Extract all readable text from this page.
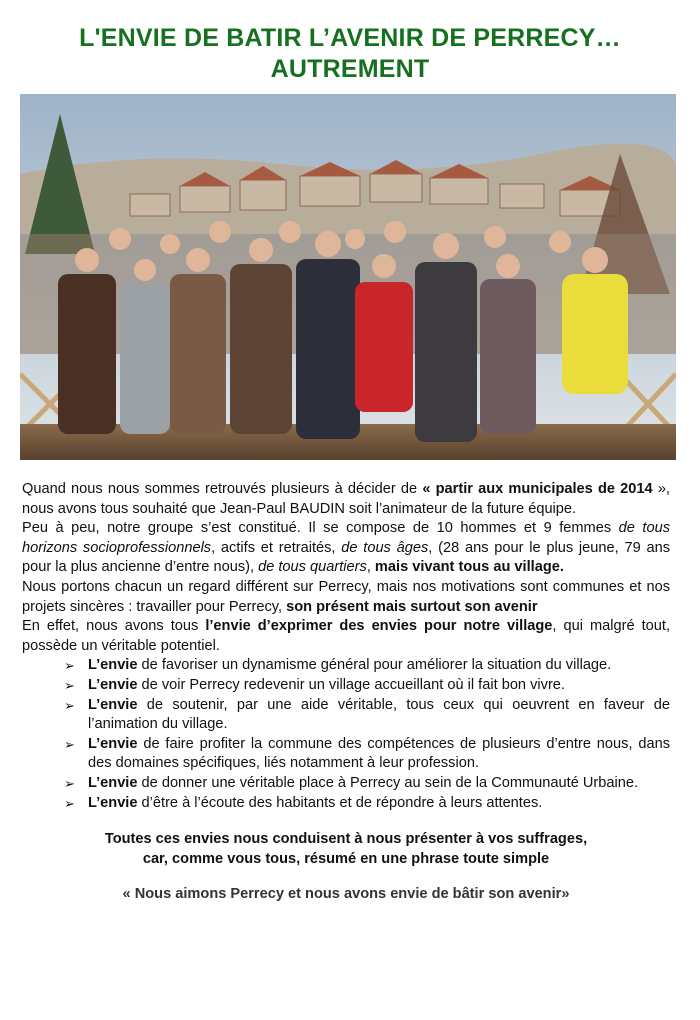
L'ENVIE DE BATIR L’AVENIR DE PERRECY…
AUTREMENT

Quand nous nous sommes retrouvés plusieurs à décider de « partir aux municipales de 2014 », nous avons tous souhaité que Jean-Paul BAUDIN soit l’animateur de la future équipe.

Peu à peu, notre groupe s’est constitué. Il se compose de 10 hommes et 9 femmes de tous horizons socioprofessionnels, actifs et retraités, de tous âges, (28 ans pour le plus jeune, 79 ans pour la plus ancienne d’entre nous), de tous quartiers, mais vivant tous au village.

Nous portons chacun un regard différent sur Perrecy, mais nos motivations sont communes et nos projets sincères : travailler pour Perrecy, son présent mais surtout son avenir

En effet, nous avons tous l’envie d’exprimer des envies pour notre village, qui malgré tout, possède un véritable potentiel.

➢ L’envie de favoriser un dynamisme général pour améliorer la situation du village.
➢ L’envie de voir Perrecy redevenir un village accueillant où il fait bon vivre.
➢ L’envie de soutenir, par une aide véritable, tous ceux qui oeuvrent en faveur de l’animation du village.
➢ L’envie de faire profiter la commune des compétences de plusieurs d’entre nous, dans des domaines spécifiques, liés notamment à leur profession.
➢ L’envie de donner une véritable place à Perrecy au sein de la Communauté Urbaine.
➢ L’envie d’être à l’écoute des habitants et de répondre à leurs attentes.
Toutes ces envies nous conduisent à nous présenter à vos suffrages,
car, comme vous tous, résumé en une phrase toute simple
« Nous aimons Perrecy et nous avons envie de bâtir son avenir»
